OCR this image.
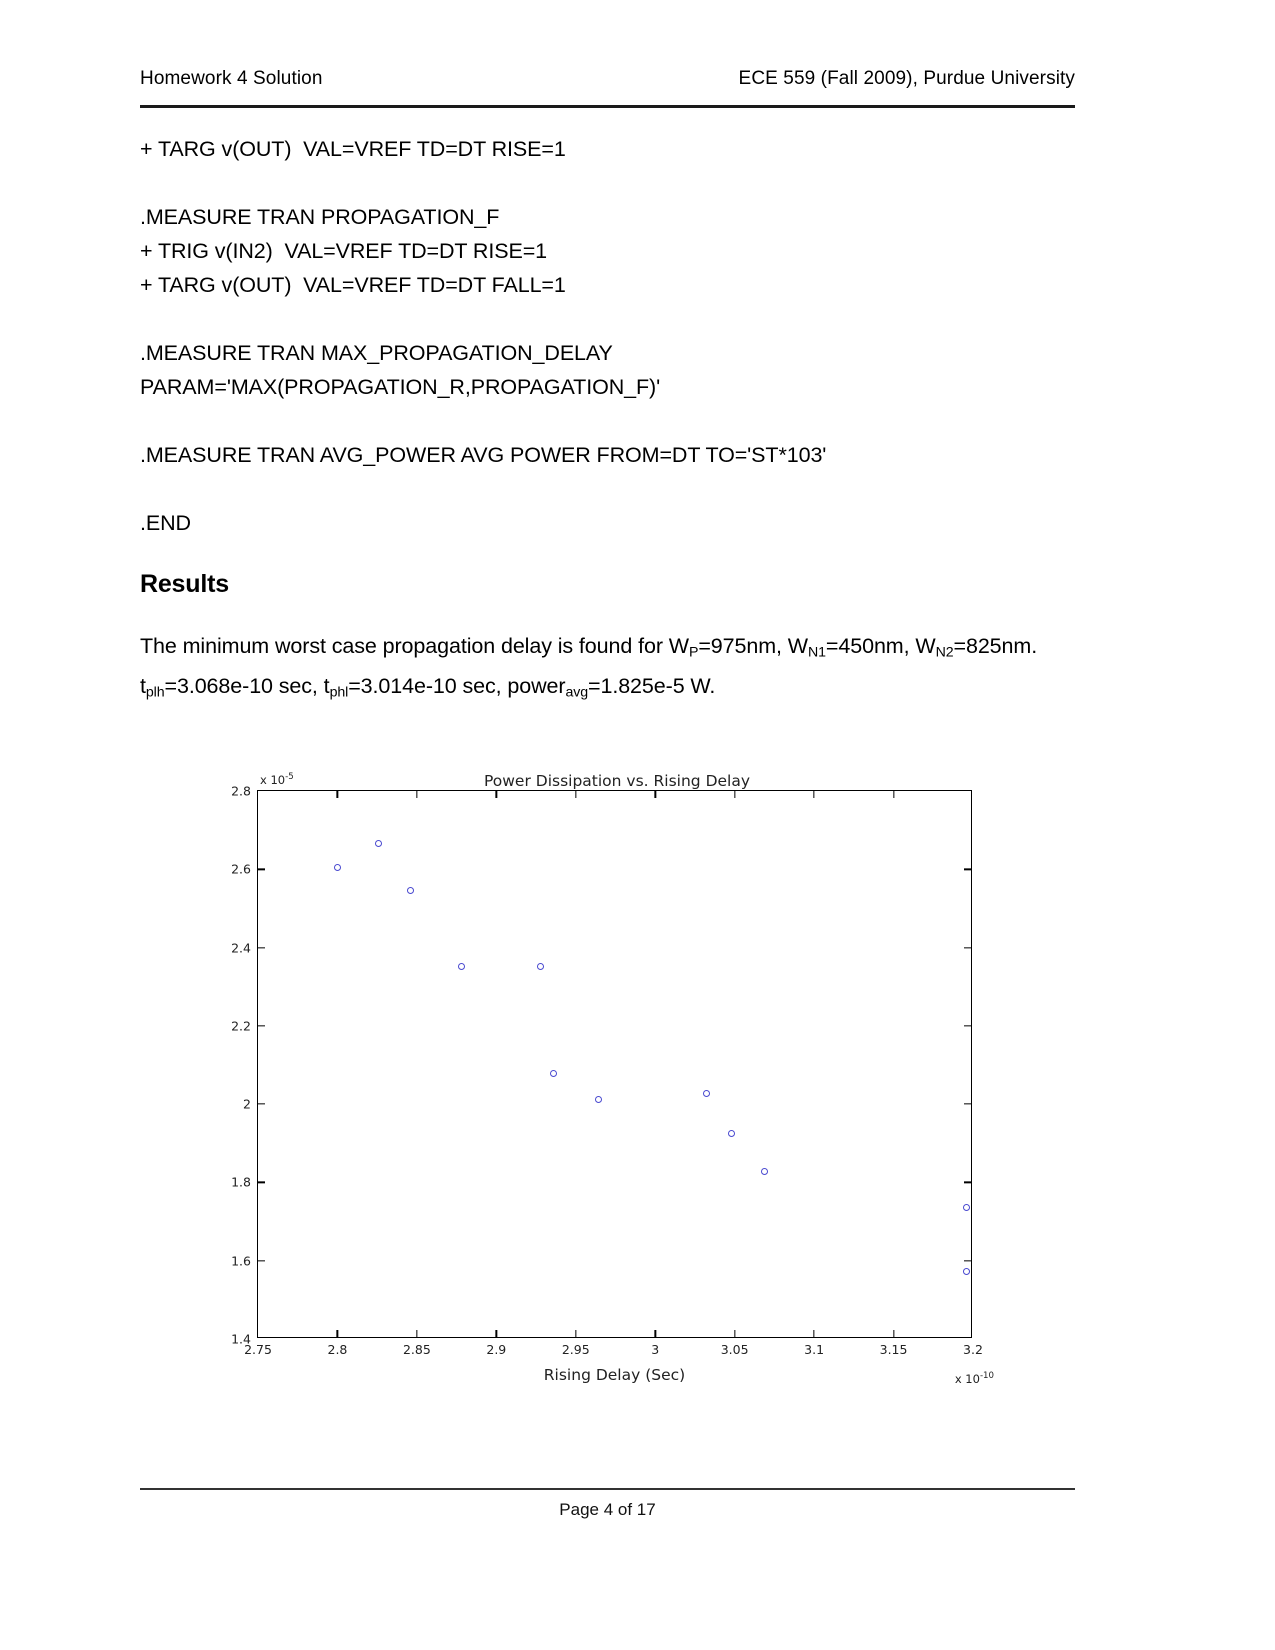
Homework 4 Solution	ECE 559 (Fall 2009), Purdue University
+ TARG v(OUT)  VAL=VREF TD=DT RISE=1
.MEASURE TRAN PROPAGATION_F
+ TRIG v(IN2)  VAL=VREF TD=DT RISE=1
+ TARG v(OUT)  VAL=VREF TD=DT FALL=1
.MEASURE TRAN MAX_PROPAGATION_DELAY
PARAM='MAX(PROPAGATION_R,PROPAGATION_F)'
.MEASURE TRAN AVG_POWER AVG POWER FROM=DT TO='ST*103'
.END
Results

The minimum worst case propagation delay is found for $W_P=975nm$, $W_{N1}=450nm$, $W_{N2}=825nm$.
$t_{plh}=3.068e-10$ sec, $t_{phl}=3.014e-10$ sec, power$_{avg}$=1.825e-5 W.

Power Dissipation vs. Rising Delay
x $10^{-5}$
1.4
1.6
1.8
2
2.2
2.4
2.6
2.8
2.75	2.8	2.85	2.9	2.95	3	3.05	3.1	3.15	3.2
Rising Delay (Sec)	x $10^{-10}$
Page 4 of 17
